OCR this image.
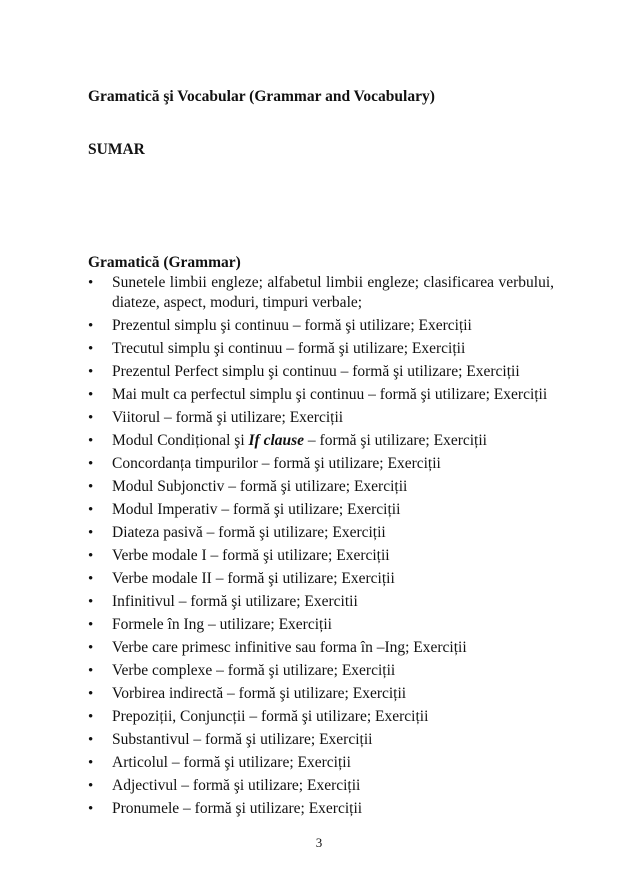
Gramatică şi Vocabular (Grammar and Vocabulary)
SUMAR
Gramatică (Grammar)
• Sunetele limbii engleze; alfabetul limbii engleze; clasificarea verbului, diateze, aspect, moduri, timpuri verbale;
• Prezentul simplu şi continuu – formă şi utilizare; Exerciții
• Trecutul simplu şi continuu – formă şi utilizare; Exerciții
• Prezentul Perfect simplu şi continuu – formă şi utilizare; Exerciții
• Mai mult ca perfectul simplu şi continuu – formă şi utilizare; Exerciții
• Viitorul – formă şi utilizare; Exerciții
• Modul Condițional şi If clause – formă şi utilizare; Exerciții
• Concordanța timpurilor – formă şi utilizare; Exerciții
• Modul Subjonctiv – formă şi utilizare; Exerciții
• Modul Imperativ – formă şi utilizare; Exerciții
• Diateza pasivă – formă şi utilizare; Exerciții
• Verbe modale I – formă şi utilizare; Exerciții
• Verbe modale II – formă şi utilizare; Exerciții
• Infinitivul – formă şi utilizare; Exercitii
• Formele în Ing – utilizare; Exerciții
• Verbe care primesc infinitive sau forma în –Ing; Exerciții
• Verbe complexe – formă şi utilizare; Exerciții
• Vorbirea indirectă – formă şi utilizare; Exerciții
• Prepoziții, Conjuncții – formă şi utilizare; Exerciții
• Substantivul – formă şi utilizare; Exerciții
• Articolul – formă şi utilizare; Exerciții
• Adjectivul – formă şi utilizare; Exerciții
• Pronumele – formă şi utilizare; Exerciții
3
